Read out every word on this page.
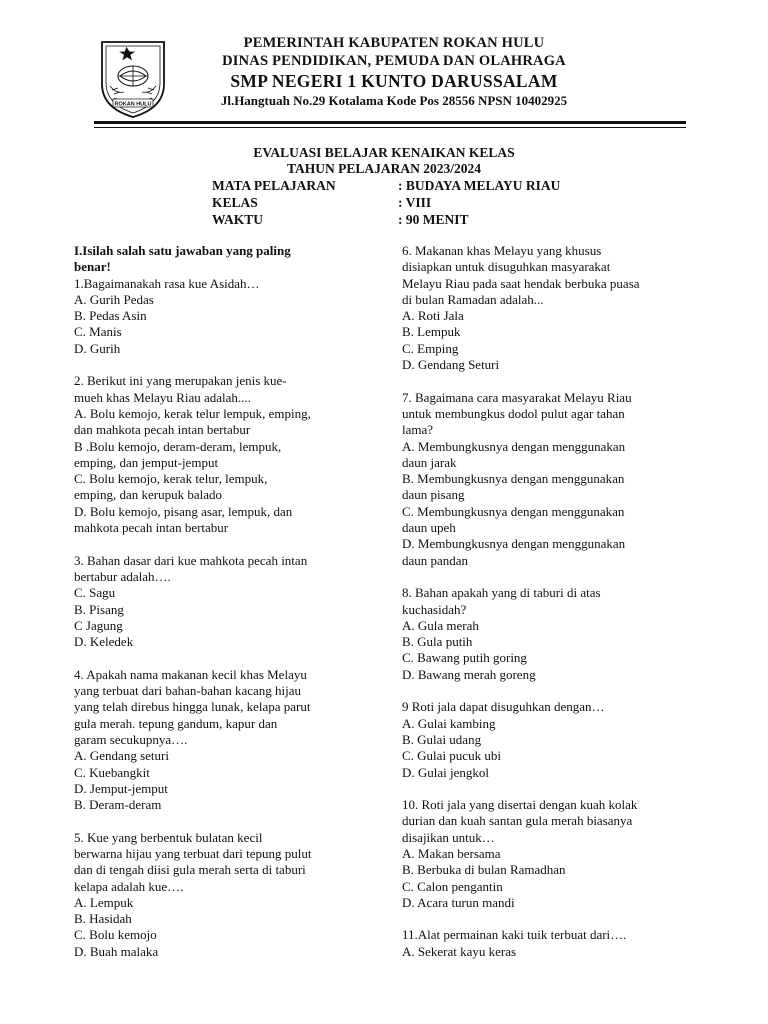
ROKAN HULU
PEMERINTAH KABUPATEN ROKAN HULU
DINAS PENDIDIKAN, PEMUDA DAN OLAHRAGA
SMP NEGERI 1 KUNTO DARUSSALAM
Jl.Hangtuah No.29 Kotalama Kode Pos 28556 NPSN 10402925
EVALUASI BELAJAR KENAIKAN KELAS
TAHUN PELAJARAN 2023/2024
MATA PELAJARAN	: BUDAYA MELAYU RIAU
KELAS	: VIII
WAKTU	: 90 MENIT
I.Isilah salah satu jawaban yang paling
benar!
1.Bagaimanakah rasa kue Asidah…
A. Gurih Pedas
B. Pedas Asin
C. Manis
D. Gurih
2. Berikut ini yang merupakan jenis kue-
mueh khas Melayu Riau adalah....
A. Bolu kemojo, kerak telur lempuk, emping,
dan mahkota pecah intan bertabur
B .Bolu kemojo, deram-deram, lempuk,
emping, dan jemput-jemput
C. Bolu kemojo, kerak telur, lempuk,
emping, dan kerupuk balado
D. Bolu kemojo, pisang asar, lempuk, dan
mahkota pecah intan bertabur
3. Bahan dasar dari kue mahkota pecah intan
bertabur adalah….
C. Sagu
B. Pisang
C Jagung
D. Keledek
4. Apakah nama makanan kecil khas Melayu
yang terbuat dari bahan-bahan kacang hijau
yang telah direbus hingga lunak, kelapa parut
gula merah. tepung gandum, kapur dan
garam secukupnya….
A. Gendang seturi
C. Kuebangkit
D. Jemput-jemput
B. Deram-deram
5. Kue yang berbentuk bulatan kecil
berwarna hijau yang terbuat dari tepung pulut
dan di tengah diisi gula merah serta di taburi
kelapa adalah kue….
A. Lempuk
B. Hasidah
C. Bolu kemojo
D. Buah malaka
6. Makanan khas Melayu yang khusus
disiapkan untuk disuguhkan masyarakat
Melayu Riau pada saat hendak berbuka puasa
di bulan Ramadan adalah...
A. Roti Jala
B. Lempuk
C. Emping
D. Gendang Seturi
7. Bagaimana cara masyarakat Melayu Riau
untuk membungkus dodol pulut agar tahan
lama?
A. Membungkusnya dengan menggunakan
daun jarak
B. Membungkusnya dengan menggunakan
daun pisang
C. Membungkusnya dengan menggunakan
daun upeh
D. Membungkusnya dengan menggunakan
daun pandan
8. Bahan apakah yang di taburi di atas
kuchasidah?
A. Gula merah
B. Gula putih
C. Bawang putih goring
D. Bawang merah goreng
9 Roti jala dapat disuguhkan dengan…
A. Gulai kambing
B. Gulai udang
C. Gulai pucuk ubi
D. Gulai jengkol
10. Roti jala yang disertai dengan kuah kolak
durian dan kuah santan gula merah biasanya
disajikan untuk…
A. Makan bersama
B. Berbuka di bulan Ramadhan
C. Calon pengantin
D. Acara turun mandi
11.Alat permainan kaki tuik terbuat dari….
A. Sekerat kayu keras
